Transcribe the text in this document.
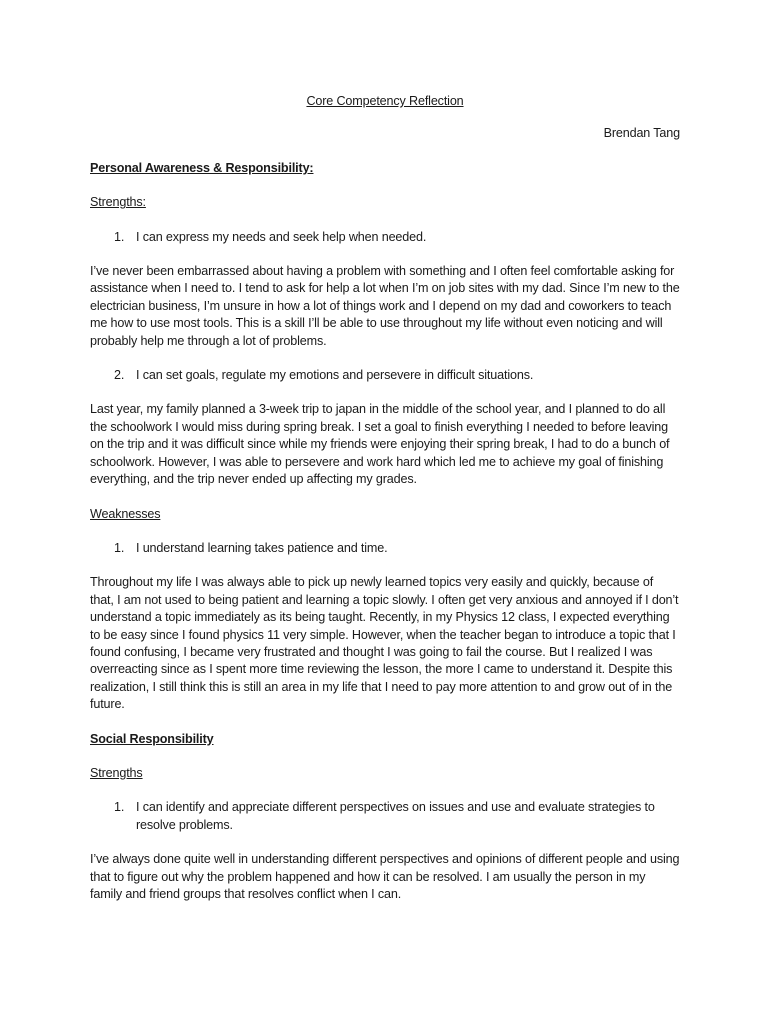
Core Competency Reflection
Brendan Tang
Personal Awareness & Responsibility:
Strengths:
1. I can express my needs and seek help when needed.
I’ve never been embarrassed about having a problem with something and I often feel comfortable asking for assistance when I need to. I tend to ask for help a lot when I’m on job sites with my dad. Since I’m new to the electrician business, I’m unsure in how a lot of things work and I depend on my dad and coworkers to teach me how to use most tools. This is a skill I’ll be able to use throughout my life without even noticing and will probably help me through a lot of problems.
2. I can set goals, regulate my emotions and persevere in difficult situations.
Last year, my family planned a 3-week trip to japan in the middle of the school year, and I planned to do all the schoolwork I would miss during spring break. I set a goal to finish everything I needed to before leaving on the trip and it was difficult since while my friends were enjoying their spring break, I had to do a bunch of schoolwork. However, I was able to persevere and work hard which led me to achieve my goal of finishing everything, and the trip never ended up affecting my grades.
Weaknesses
1. I understand learning takes patience and time.
Throughout my life I was always able to pick up newly learned topics very easily and quickly, because of that, I am not used to being patient and learning a topic slowly. I often get very anxious and annoyed if I don’t understand a topic immediately as its being taught. Recently, in my Physics 12 class, I expected everything to be easy since I found physics 11 very simple. However, when the teacher began to introduce a topic that I found confusing, I became very frustrated and thought I was going to fail the course. But I realized I was overreacting since as I spent more time reviewing the lesson, the more I came to understand it. Despite this realization, I still think this is still an area in my life that I need to pay more attention to and grow out of in the future.
Social Responsibility
Strengths
1. I can identify and appreciate different perspectives on issues and use and evaluate strategies to resolve problems.
I’ve always done quite well in understanding different perspectives and opinions of different people and using that to figure out why the problem happened and how it can be resolved. I am usually the person in my family and friend groups that resolves conflict when I can.
